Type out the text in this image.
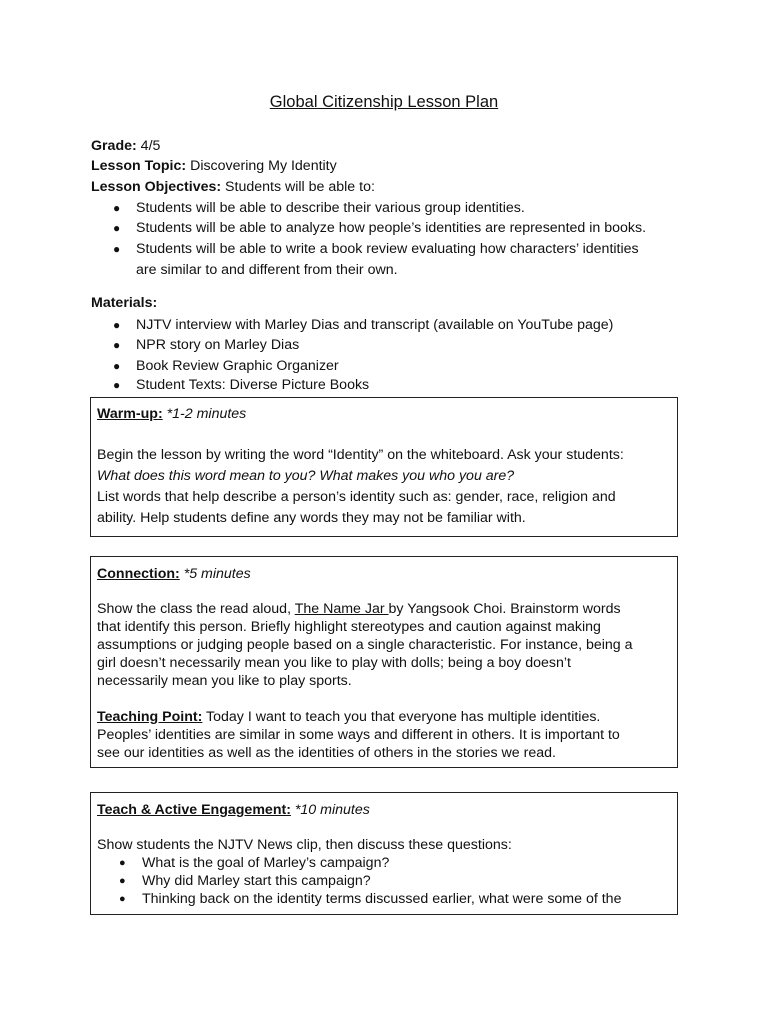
Global Citizenship Lesson Plan
Grade: 4/5
Lesson Topic: Discovering My Identity
Lesson Objectives: Students will be able to:
●	Students will be able to describe their various group identities.
●	Students will be able to analyze how people’s identities are represented in books.
●	Students will be able to write a book review evaluating how characters’ identities
are similar to and different from their own.
Materials:
●	NJTV interview with Marley Dias and transcript (available on YouTube page)
●	NPR story on Marley Dias
●	Book Review Graphic Organizer
●	Student Texts: Diverse Picture Books
Warm-up: *1-2 minutes
Begin the lesson by writing the word “Identity” on the whiteboard. Ask your students:
What does this word mean to you? What makes you who you are?
List words that help describe a person’s identity such as: gender, race, religion and
ability. Help students define any words they may not be familiar with.
Connection: *5 minutes
Show the class the read aloud, The Name Jar by Yangsook Choi. Brainstorm words
that identify this person. Briefly highlight stereotypes and caution against making
assumptions or judging people based on a single characteristic. For instance, being a
girl doesn’t necessarily mean you like to play with dolls; being a boy doesn’t
necessarily mean you like to play sports.
Teaching Point: Today I want to teach you that everyone has multiple identities.
Peoples’ identities are similar in some ways and different in others. It is important to
see our identities as well as the identities of others in the stories we read.
Teach & Active Engagement: *10 minutes
Show students the NJTV News clip, then discuss these questions:
● What is the goal of Marley’s campaign?
● Why did Marley start this campaign?
● Thinking back on the identity terms discussed earlier, what were some of the
